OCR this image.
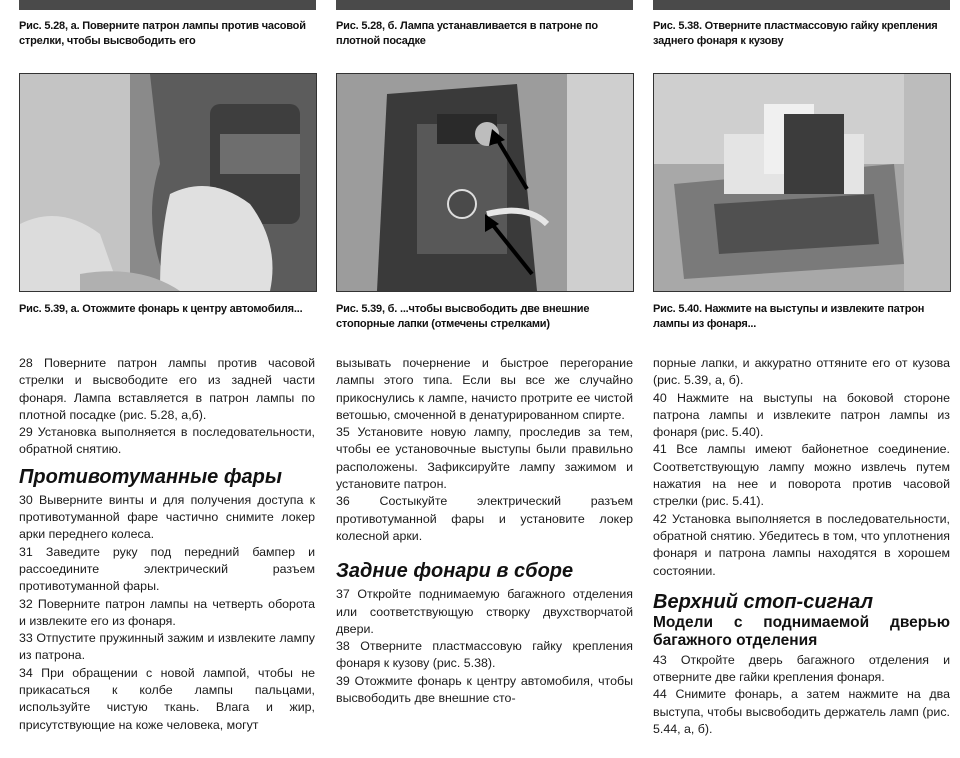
Рис. 5.28, а. Поверните патрон лампы против часовой стрелки, чтобы высвободить его
Рис. 5.28, б. Лампа устанавливается в патроне по плотной посадке
Рис. 5.38. Отверните пластмассовую гайку крепления заднего фонаря к кузову
Рис. 5.39, а. Отожмите фонарь к центру автомобиля...	Рис. 5.39, б. ...чтобы высвободить две внешние стопорные лапки (отмечены стрелками)
Рис. 5.40. Нажмите на выступы и извлеките патрон лампы из фонаря...

28 Поверните патрон лампы против часовой стрелки и высвободите его из задней части фонаря. Лампа вставляется в патрон лампы по плотной посадке (рис. 5.28, а,б).

29 Установка выполняется в последовательности, обратной снятию.

Противотуманные фары

30 Выверните винты и для получения доступа к противотуманной фаре частично снимите локер арки переднего колеса.

31 Заведите руку под передний бампер и рассоедините электрический разъем противотуманной фары.

32 Поверните патрон лампы на четверть оборота и извлеките его из фонаря.

33 Отпустите пружинный зажим и извлеките лампу из патрона.

34 При обращении с новой лампой, чтобы не прикасаться к колбе лампы пальцами, используйте чистую ткань. Влага и жир, присутствующие на коже человека, могут

вызывать почернение и быстрое перегорание лампы этого типа. Если вы все же случайно прикоснулись к лампе, начисто протрите ее чистой ветошью, смоченной в денатурированном спирте.

35 Установите новую лампу, проследив за тем, чтобы ее установочные выступы были правильно расположены. Зафиксируйте лампу зажимом и установите патрон.

36 Состыкуйте электрический разъем противотуманной фары и установите локер колесной арки.

Задние фонари в сборе

37 Откройте поднимаемую багажного отделения или соответствующую створку двухстворчатой двери.

38 Отверните пластмассовую гайку крепления фонаря к кузову (рис. 5.38).

39 Отожмите фонарь к центру автомобиля, чтобы высвободить две внешние сто-

порные лапки, и аккуратно оттяните его от кузова (рис. 5.39, а, б).

40 Нажмите на выступы на боковой стороне патрона лампы и извлеките патрон лампы из фонаря (рис. 5.40).

41 Все лампы имеют байонетное соединение. Соответствующую лампу можно извлечь путем нажатия на нее и поворота против часовой стрелки (рис. 5.41).

42 Установка выполняется в последовательности, обратной снятию. Убедитесь в том, что уплотнения фонаря и патрона лампы находятся в хорошем состоянии.

Верхний стоп-сигнал
Модели с поднимаемой дверью багажного отделения

43 Откройте дверь багажного отделения и отверните две гайки крепления фонаря.

44 Снимите фонарь, а затем нажмите на два выступа, чтобы высвободить держатель ламп (рис. 5.44, а, б).
